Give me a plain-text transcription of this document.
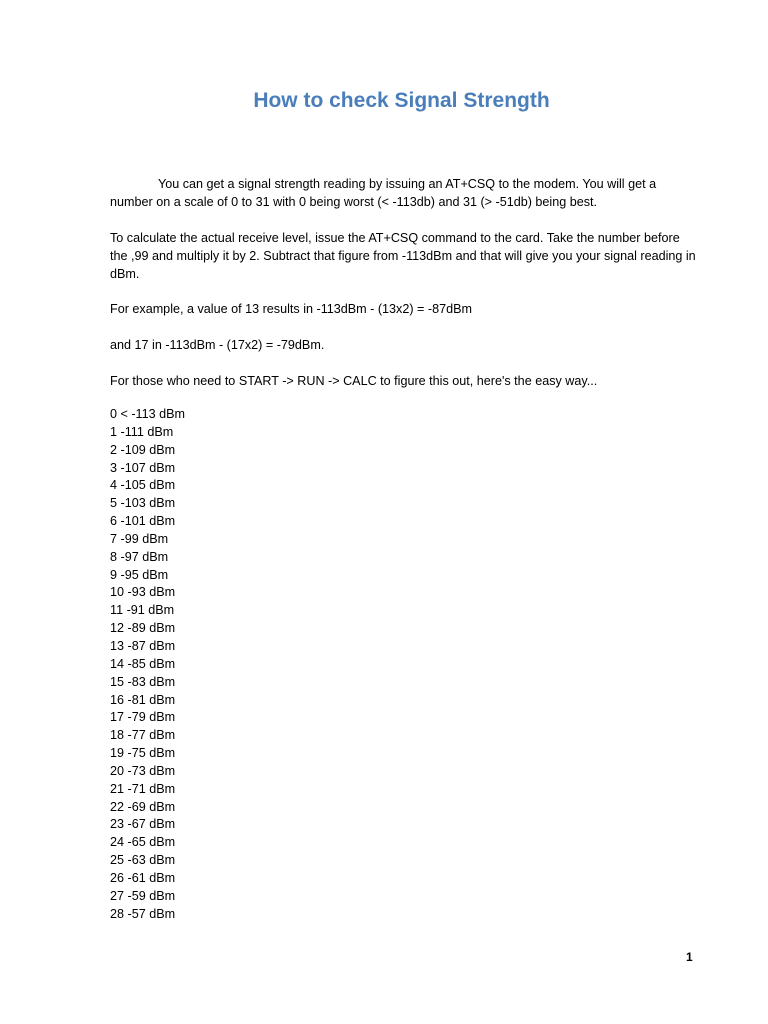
How to check Signal Strength

You can get a signal strength reading by issuing an AT+CSQ to the modem. You will get a number on a scale of 0 to 31 with 0 being worst (< -113db) and 31 (> -51db) being best.

To calculate the actual receive level, issue the AT+CSQ command to the card. Take the number before the ,99 and multiply it by 2. Subtract that figure from -113dBm and that will give you your signal reading in dBm.

For example, a value of 13 results in -113dBm - (13x2) = -87dBm

and 17 in -113dBm - (17x2) = -79dBm.

For those who need to START -> RUN -> CALC to figure this out, here's the easy way...

0 < -113 dBm
1 -111 dBm
2 -109 dBm
3 -107 dBm
4 -105 dBm
5 -103 dBm
6 -101 dBm
7 -99 dBm
8 -97 dBm
9 -95 dBm
10 -93 dBm
11 -91 dBm
12 -89 dBm
13 -87 dBm
14 -85 dBm
15 -83 dBm
16 -81 dBm
17 -79 dBm
18 -77 dBm
19 -75 dBm
20 -73 dBm
21 -71 dBm
22 -69 dBm
23 -67 dBm
24 -65 dBm
25 -63 dBm
26 -61 dBm
27 -59 dBm
28 -57 dBm
1
